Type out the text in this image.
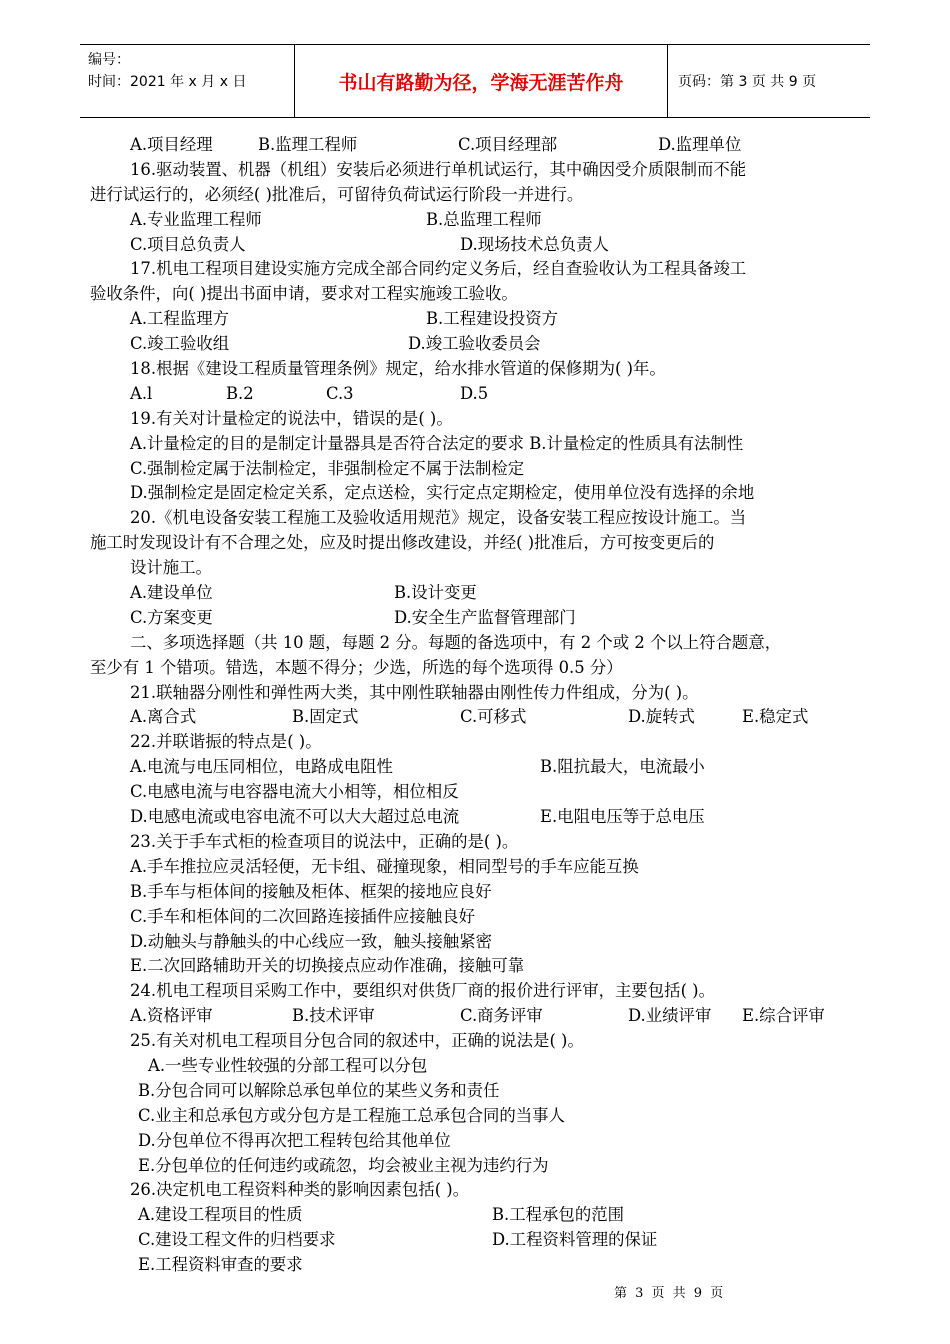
编号：
时间：2021 年 x 月 x 日	书山有路勤为径，学海无涯苦作舟	页码：第 3 页 共 9 页
A.项目经理	B.监理工程师	C.项目经理部	D.监理单位
16.驱动装置、机器（机组）安装后必须进行单机试运行，其中确因受介质限制而不能
进行试运行的，必须经( )批准后，可留待负荷试运行阶段一并进行。
A.专业监理工程师	B.总监理工程师
C.项目总负责人	D.现场技术总负责人
17.机电工程项目建设实施方完成全部合同约定义务后，经自查验收认为工程具备竣工
验收条件，向( )提出书面申请，要求对工程实施竣工验收。
A.工程监理方	B.工程建设投资方
C.竣工验收组	D.竣工验收委员会
18.根据《建设工程质量管理条例》规定，给水排水管道的保修期为( )年。
A.l	B.2	C.3	D.5
19.有关对计量检定的说法中，错误的是( )。
A.计量检定的目的是制定计量器具是否符合法定的要求 B.计量检定的性质具有法制性
C.强制检定属于法制检定，非强制检定不属于法制检定
D.强制检定是固定检定关系，定点送检，实行定点定期检定，使用单位没有选择的余地
20.《机电设备安装工程施工及验收适用规范》规定，设备安装工程应按设计施工。当
施工时发现设计有不合理之处，应及时提出修改建设，并经( )批准后，方可按变更后的
设计施工。
A.建设单位	B.设计变更
C.方案变更	D.安全生产监督管理部门
二、多项选择题（共 10 题，每题 2 分。每题的备选项中，有 2 个或 2 个以上符合题意，
至少有 1 个错项。错选，本题不得分；少选，所选的每个选项得 0.5 分）
21.联轴器分刚性和弹性两大类，其中刚性联轴器由刚性传力件组成，分为( )。
A.离合式	B.固定式	C.可移式	D.旋转式	E.稳定式
22.并联谐振的特点是( )。
A.电流与电压同相位，电路成电阻性	B.阻抗最大，电流最小
C.电感电流与电容器电流大小相等，相位相反
D.电感电流或电容电流不可以大大超过总电流	E.电阻电压等于总电压
23.关于手车式柜的检查项目的说法中，正确的是( )。
A.手车推拉应灵活轻便，无卡组、碰撞现象，相同型号的手车应能互换
B.手车与柜体间的接触及柜体、框架的接地应良好
C.手车和柜体间的二次回路连接插件应接触良好
D.动触头与静触头的中心线应一致，触头接触紧密
E.二次回路辅助开关的切换接点应动作准确，接触可靠
24.机电工程项目采购工作中，要组织对供货厂商的报价进行评审，主要包括( )。
A.资格评审	B.技术评审	C.商务评审	D.业绩评审 E.综合评审
25.有关对机电工程项目分包合同的叙述中，正确的说法是( )。
A.一些专业性较强的分部工程可以分包
B.分包合同可以解除总承包单位的某些义务和责任
C.业主和总承包方或分包方是工程施工总承包合同的当事人
D.分包单位不得再次把工程转包给其他单位
E.分包单位的任何违约或疏忽，均会被业主视为违约行为
26.决定机电工程资料种类的影响因素包括( )。
A.建设工程项目的性质	B.工程承包的范围
C.建设工程文件的归档要求	D.工程资料管理的保证
E.工程资料审查的要求
第 3 页 共 9 页
